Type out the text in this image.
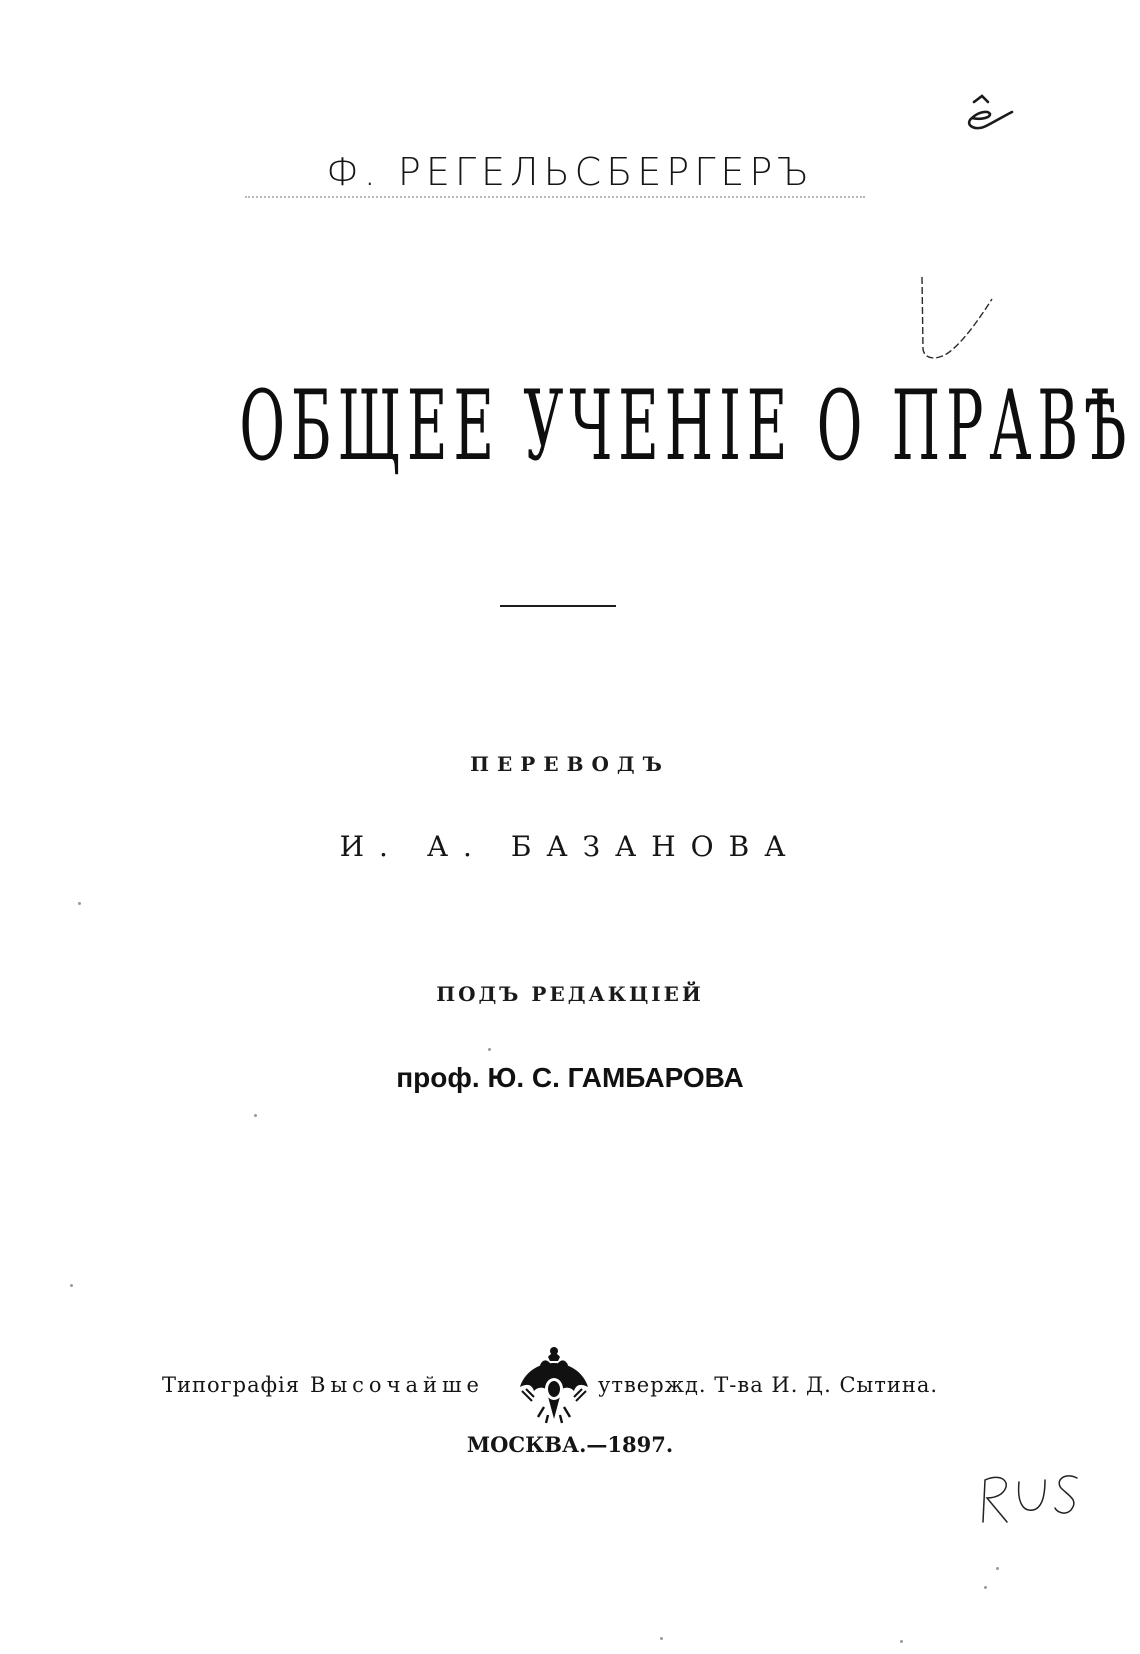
Ф. РЕГЕЛЬСБЕРГЕРЪ
ОБЩЕЕ УЧЕНІЕ О ПРАВѢ
ПЕРЕВОДЪ
И. А. БАЗАНОВА
ПОДЪ РЕДАКЦІЕЙ
проф. Ю. С. ГАМБАРОВА
Типографія Высочайше	утвержд. Т-ва И. Д. Сытина.
МОСКВА.—1897.
